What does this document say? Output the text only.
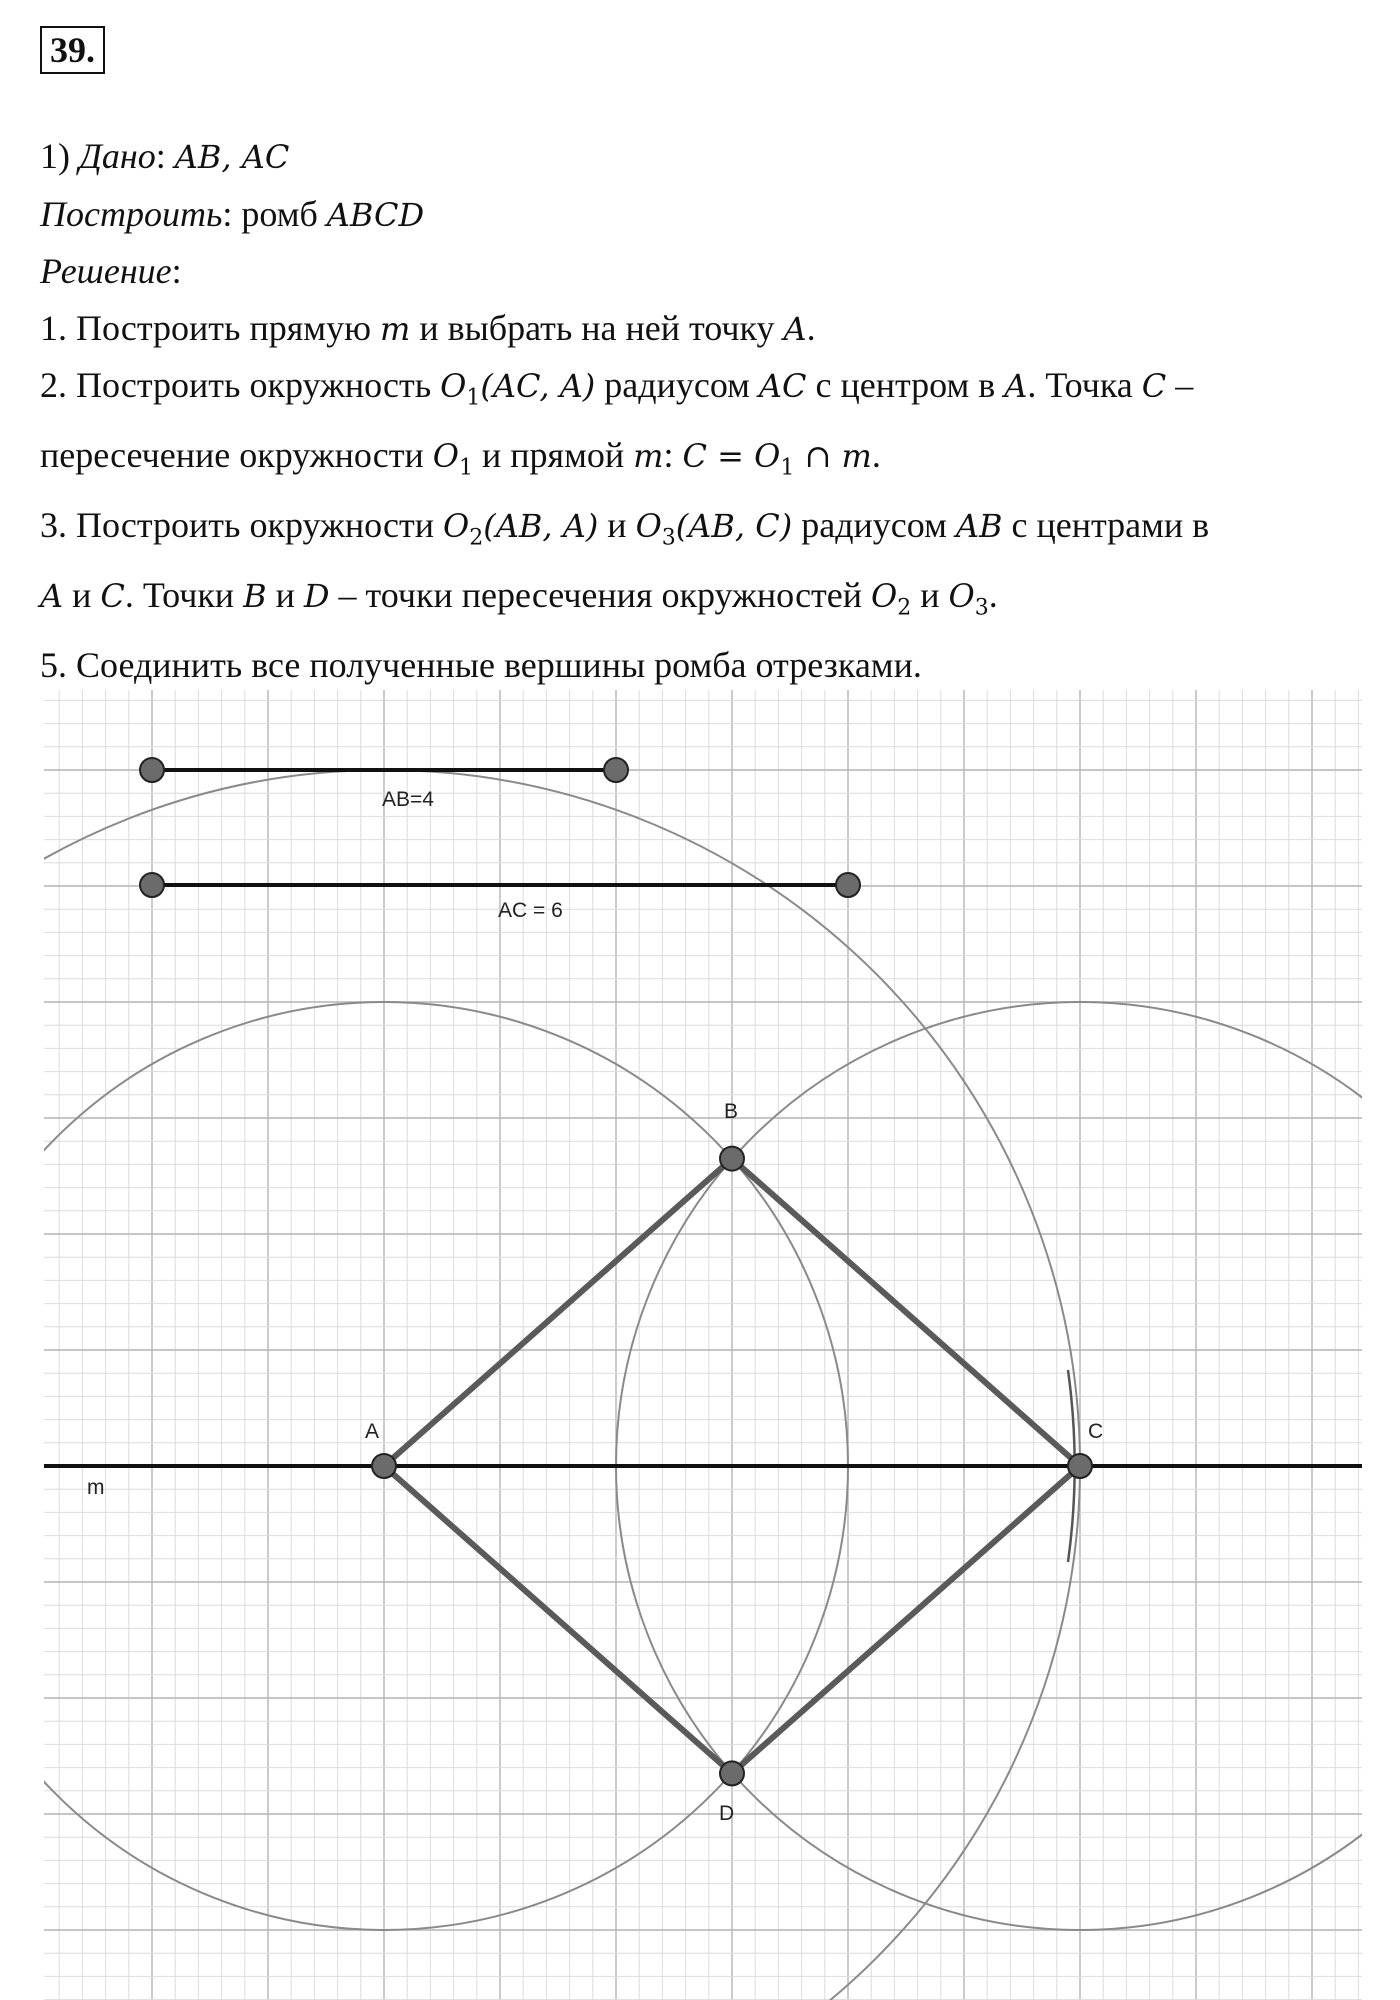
39.
1) Дано: AB, AC
Построить: ромб ABCD
Решение:
1. Построить прямую m и выбрать на ней точку A.
2. Построить окружность $O_1(AC$, A) радиусом AC с центром в A. Точка C –
пересечение окружности $O_1$ и прямой m: $C = O_1$ ∩ m.
3. Построить окружности $O_2(AB$, A) и $O_3(AB$, C) радиусом AB с центрами в
A и C. Точки B и D – точки пересечения окружностей $O_2$ и $O_3$.
5. Соединить все полученные вершины ромба отрезками.
AB=4
AC = 6
A
B
C
D
m
